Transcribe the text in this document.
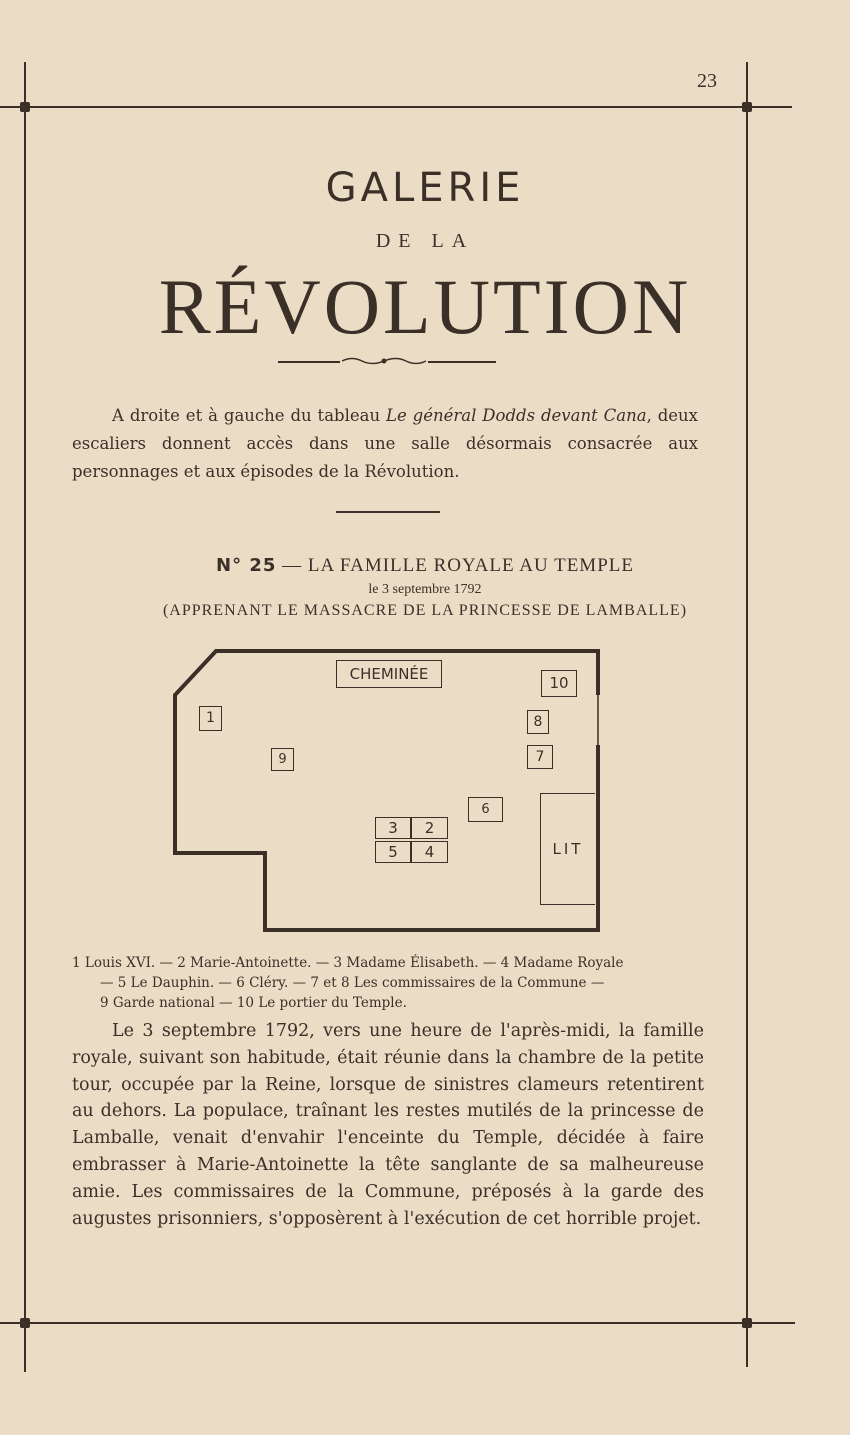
23
GALERIE
DE LA
RÉVOLUTION

A droite et à gauche du tableau Le général Dodds devant Cana, deux escaliers donnent accès dans une salle désormais consacrée aux personnages et aux épisodes de la Révolution.

N° 25 — LA FAMILLE ROYALE AU TEMPLE
le 3 septembre 1792
(APPRENANT LE MASSACRE DE LA PRINCESSE DE LAMBALLE)
CHEMINÉE
LIT
1
9
10
8
7
6
3	2
5	4
1 Louis XVI. — 2 Marie-Antoinette. — 3 Madame Élisabeth. — 4 Madame Royale
— 5 Le Dauphin. — 6 Cléry. — 7 et 8 Les commissaires de la Commune —
9 Garde national — 10 Le portier du Temple.

Le 3 septembre 1792, vers une heure de l'après-midi, la famille royale, suivant son habitude, était réunie dans la chambre de la petite tour, occupée par la Reine, lorsque de sinistres clameurs retentirent au dehors. La populace, traînant les restes mutilés de la princesse de Lamballe, venait d'envahir l'enceinte du Temple, décidée à faire embrasser à Marie-Antoinette la tête sanglante de sa malheureuse amie. Les commissaires de la Commune, préposés à la garde des augustes prisonniers, s'opposèrent à l'exécution de cet horrible projet.
